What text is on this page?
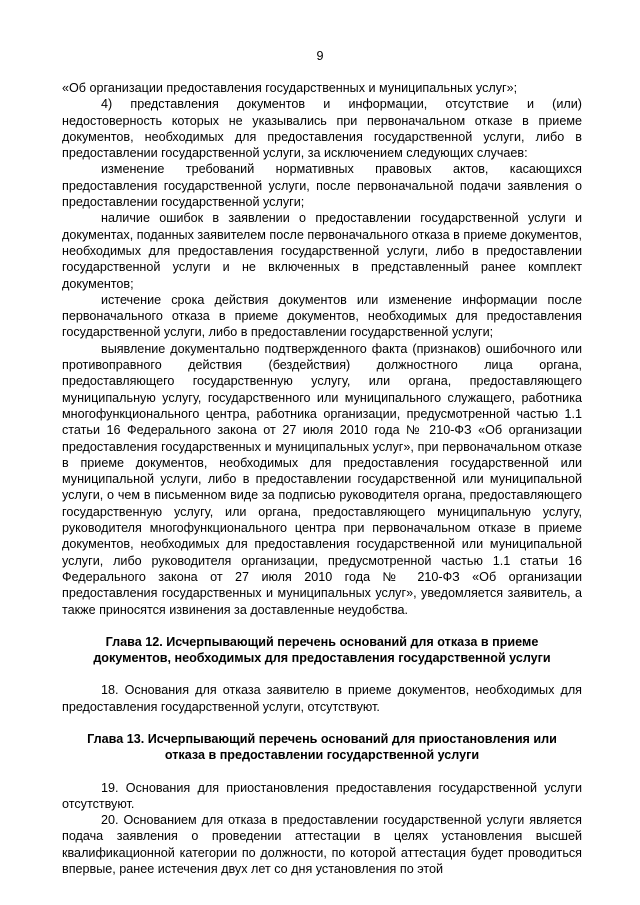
9

«Об организации предоставления государственных и муниципальных услуг»;

4) представления документов и информации, отсутствие и (или) недостоверность которых не указывались при первоначальном отказе в приеме документов, необходимых для предоставления государственной услуги, либо в предоставлении государственной услуги, за исключением следующих случаев:

изменение требований нормативных правовых актов, касающихся предоставления государственной услуги, после первоначальной подачи заявления о предоставлении государственной услуги;

наличие ошибок в заявлении о предоставлении государственной услуги и документах, поданных заявителем после первоначального отказа в приеме документов, необходимых для предоставления государственной услуги, либо в предоставлении государственной услуги и не включенных в представленный ранее комплект документов;

истечение срока действия документов или изменение информации после первоначального отказа в приеме документов, необходимых для предоставления государственной услуги, либо в предоставлении государственной услуги;

выявление документально подтвержденного факта (признаков) ошибочного или противоправного действия (бездействия) должностного лица органа, предоставляющего государственную услугу, или органа, предоставляющего муниципальную услугу, государственного или муниципального служащего, работника многофункционального центра, работника организации, предусмотренной частью 1.1 статьи 16 Федерального закона от 27 июля 2010 года № 210-ФЗ «Об организации предоставления государственных и муниципальных услуг», при первоначальном отказе в приеме документов, необходимых для предоставления государственной или муниципальной услуги, либо в предоставлении государственной или муниципальной услуги, о чем в письменном виде за подписью руководителя органа, предоставляющего государственную услугу, или органа, предоставляющего муниципальную услугу, руководителя многофункционального центра при первоначальном отказе в приеме документов, необходимых для предоставления государственной или муниципальной услуги, либо руководителя организации, предусмотренной частью 1.1 статьи 16 Федерального закона от 27 июля 2010 года № 210-ФЗ «Об организации предоставления государственных и муниципальных услуг», уведомляется заявитель, а также приносятся извинения за доставленные неудобства.

Глава 12. Исчерпывающий перечень оснований для отказа в приеме
документов, необходимых для предоставления государственной услуги

18. Основания для отказа заявителю в приеме документов, необходимых для предоставления государственной услуги, отсутствуют.

Глава 13. Исчерпывающий перечень оснований для приостановления или
отказа в предоставлении государственной услуги

19. Основания для приостановления предоставления государственной услуги отсутствуют.

20. Основанием для отказа в предоставлении государственной услуги является подача заявления о проведении аттестации в целях установления высшей квалификационной категории по должности, по которой аттестация будет проводиться впервые, ранее истечения двух лет со дня установления по этой
